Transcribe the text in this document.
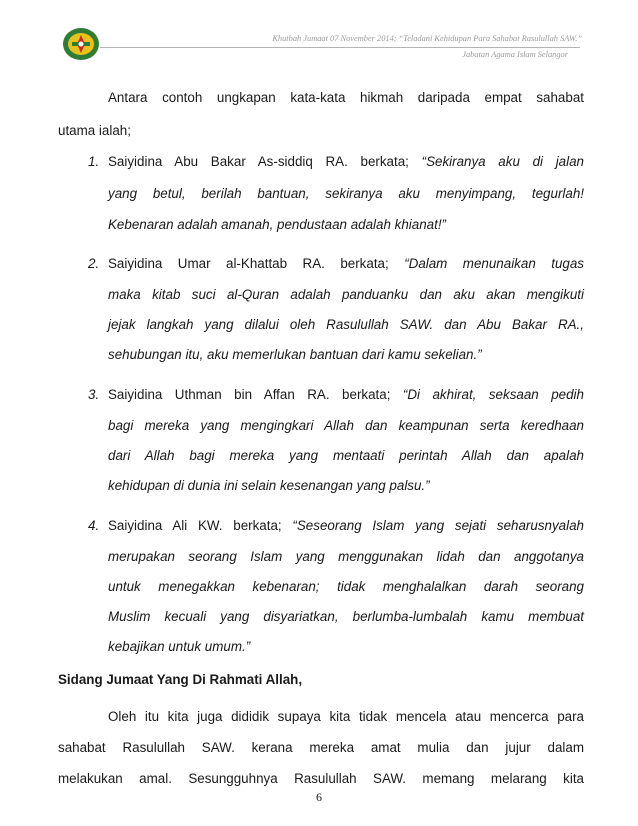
Khutbah Jumaat 07 November 2014: “Teladani Kehidupan Para Sahabat Rasulullah SAW.”
Jabatan Agama Islam Selangor
Antara contoh ungkapan kata-kata hikmah daripada empat sahabat
utama ialah;
1. Saiyidina Abu Bakar As-siddiq RA. berkata; “Sekiranya aku di jalan
yang betul, berilah bantuan, sekiranya aku menyimpang, tegurlah!
Kebenaran adalah amanah, pendustaan adalah khianat!”
2. Saiyidina Umar al-Khattab RA. berkata; “Dalam menunaikan tugas
maka kitab suci al-Quran adalah panduanku dan aku akan mengikuti
jejak langkah yang dilalui oleh Rasulullah SAW. dan Abu Bakar RA.,
sehubungan itu, aku memerlukan bantuan dari kamu sekelian.”
3. Saiyidina Uthman bin Affan RA. berkata; “Di akhirat, seksaan pedih
bagi mereka yang mengingkari Allah dan keampunan serta keredhaan
dari Allah bagi mereka yang mentaati perintah Allah dan apalah
kehidupan di dunia ini selain kesenangan yang palsu.”
4. Saiyidina Ali KW. berkata; “Seseorang Islam yang sejati seharusnyalah
merupakan seorang Islam yang menggunakan lidah dan anggotanya
untuk menegakkan kebenaran; tidak menghalalkan darah seorang
Muslim kecuali yang disyariatkan, berlumba-lumbalah kamu membuat
kebajikan untuk umum.”
Sidang Jumaat Yang Di Rahmati Allah,
Oleh itu kita juga dididik supaya kita tidak mencela atau mencerca para
sahabat Rasulullah SAW. kerana mereka amat mulia dan jujur dalam
melakukan amal. Sesungguhnya Rasulullah SAW. memang melarang kita
6
